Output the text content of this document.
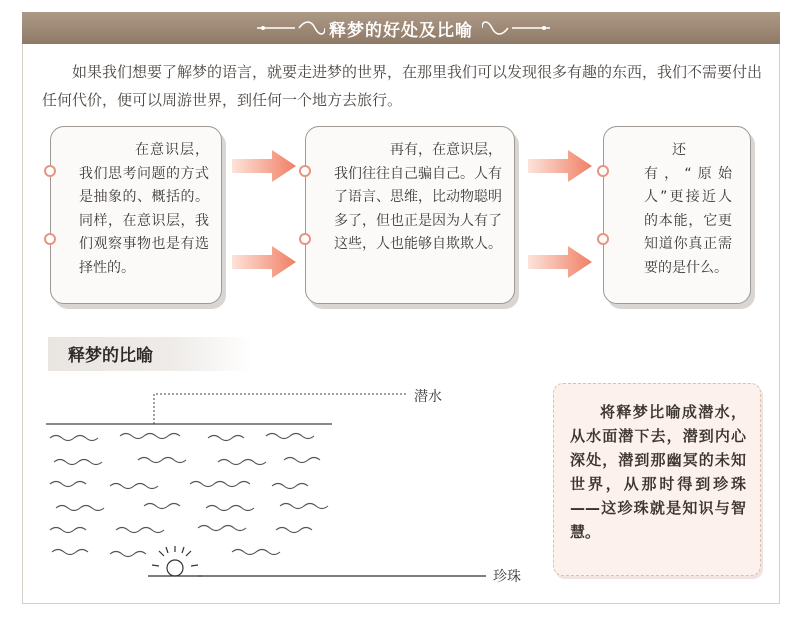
释梦的好处及比喻
如果我们想要了解梦的语言，就要走进梦的世界，在那里我们可以发现很多有趣的东西，我们不需要付出任何代价，便可以周游世界，到任何一个地方去旅行。
在意识层，我们思考问题的方式是抽象的、概括的。同样，在意识层，我们观察事物也是有选择性的。
再有，在意识层，我们往往自己骗自己。人有了语言、思维，比动物聪明多了，但也正是因为人有了这些，人也能够自欺欺人。
还有，“原始人”更接近人的本能，它更知道你真正需要的是什么。
释梦的比喻
潜水
珍珠
将释梦比喻成潜水，从水面潜下去，潜到内心深处，潜到那幽冥的未知世界，从那时得到珍珠——这珍珠就是知识与智慧。
